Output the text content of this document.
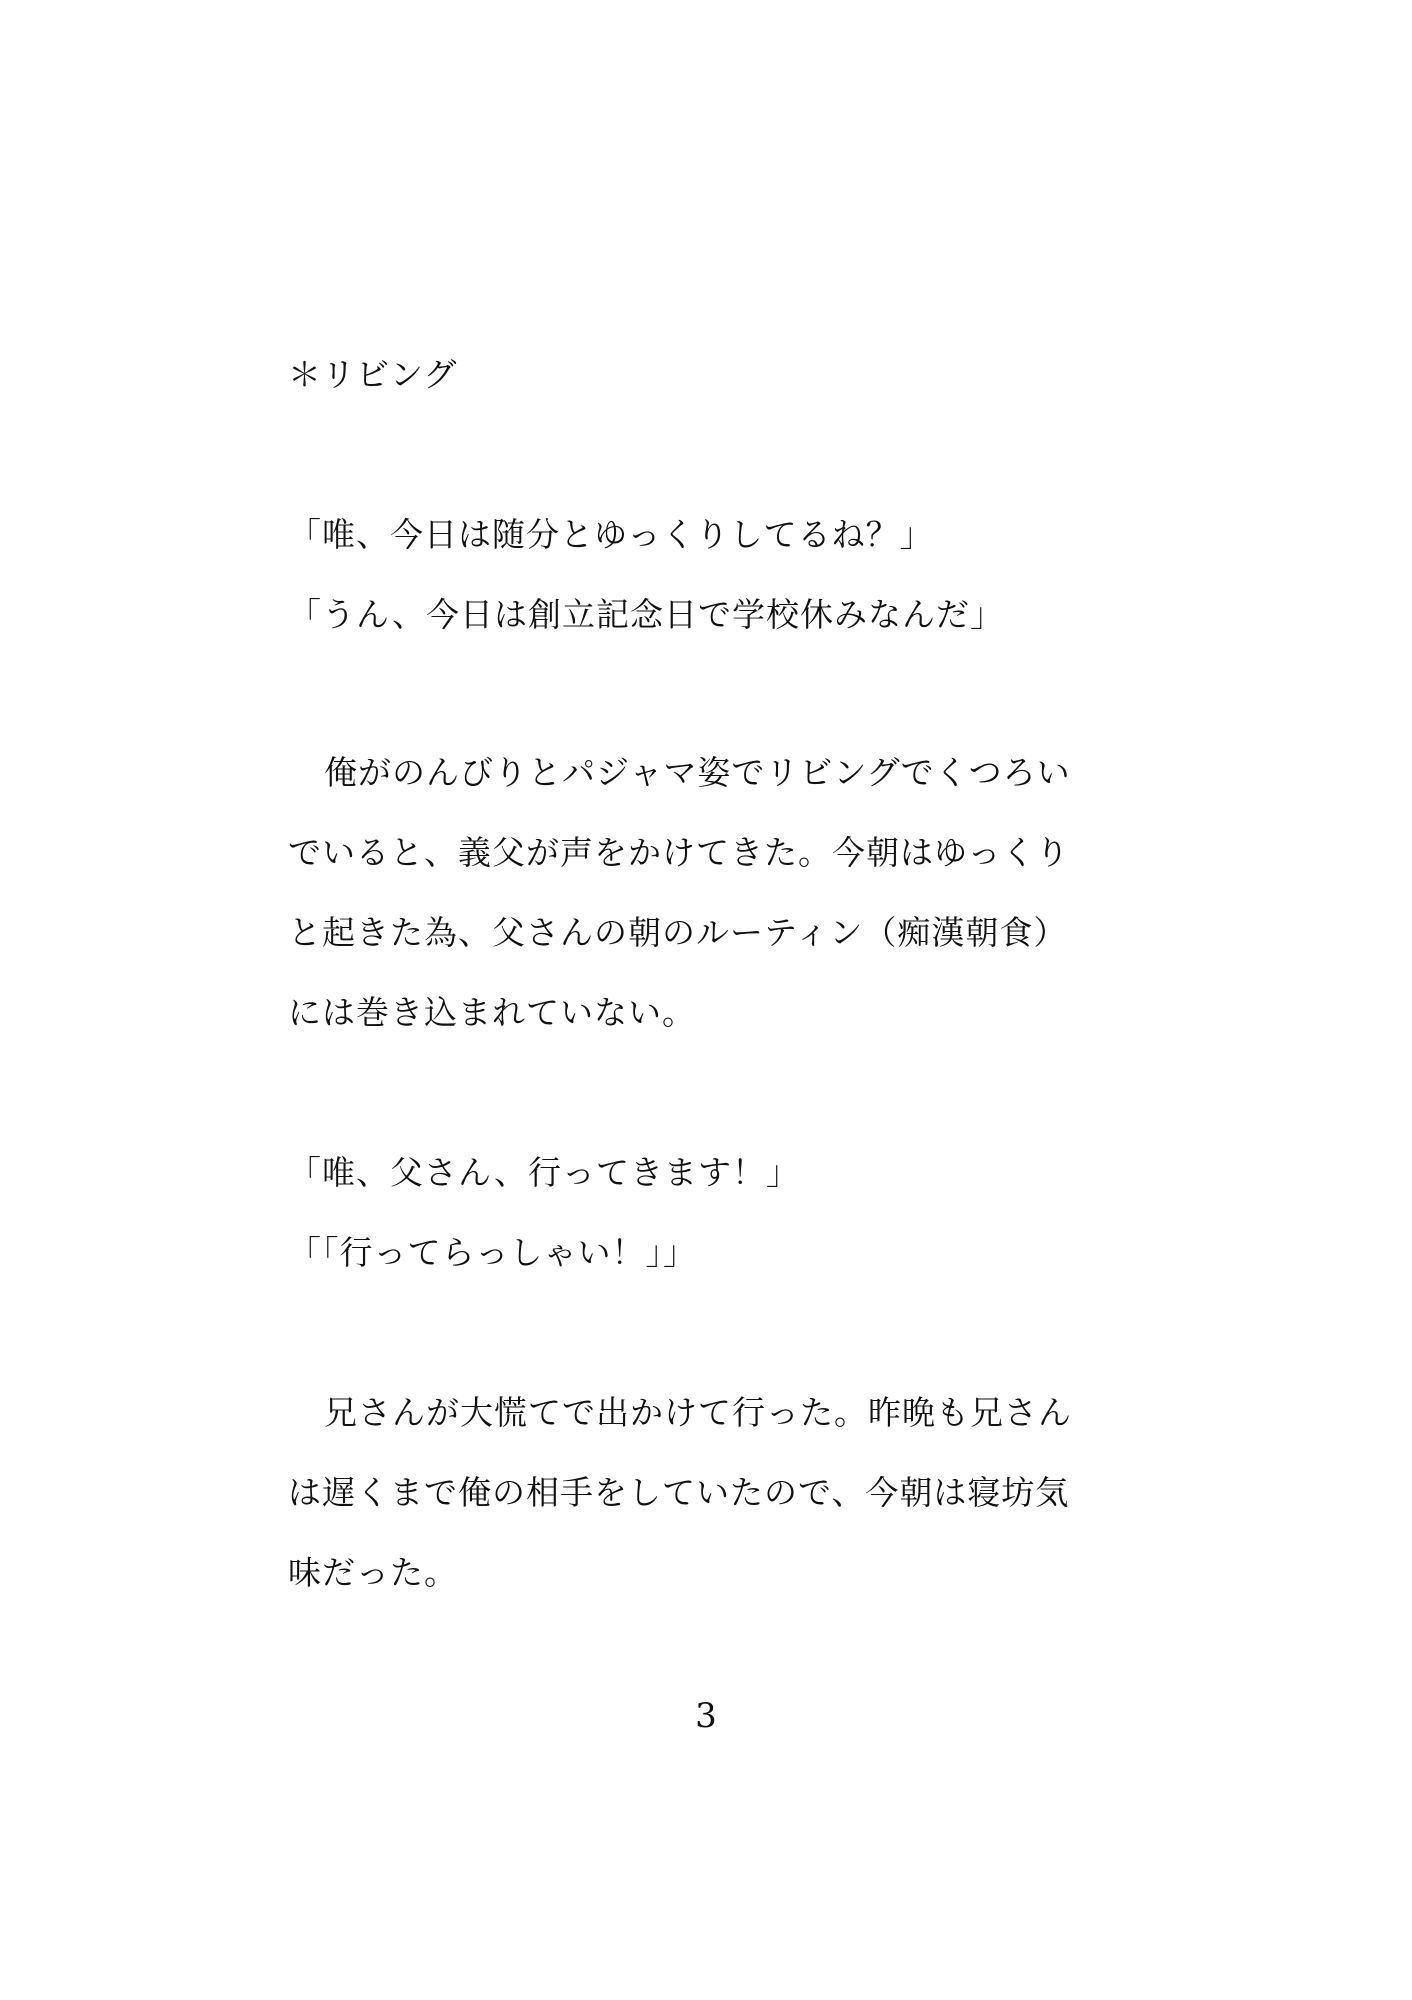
＊リビング
「唯、今日は随分とゆっくりしてるね？」
「うん、今日は創立記念日で学校休みなんだ」
俺がのんびりとパジャマ姿でリビングでくつろい
でいると、義父が声をかけてきた。今朝はゆっくり
と起きた為、父さんの朝のルーティン（痴漢朝食）
には巻き込まれていない。
「唯、父さん、行ってきます！」
「「行ってらっしゃい！」」
兄さんが大慌てで出かけて行った。昨晩も兄さん
は遅くまで俺の相手をしていたので、今朝は寝坊気
味だった。
3
